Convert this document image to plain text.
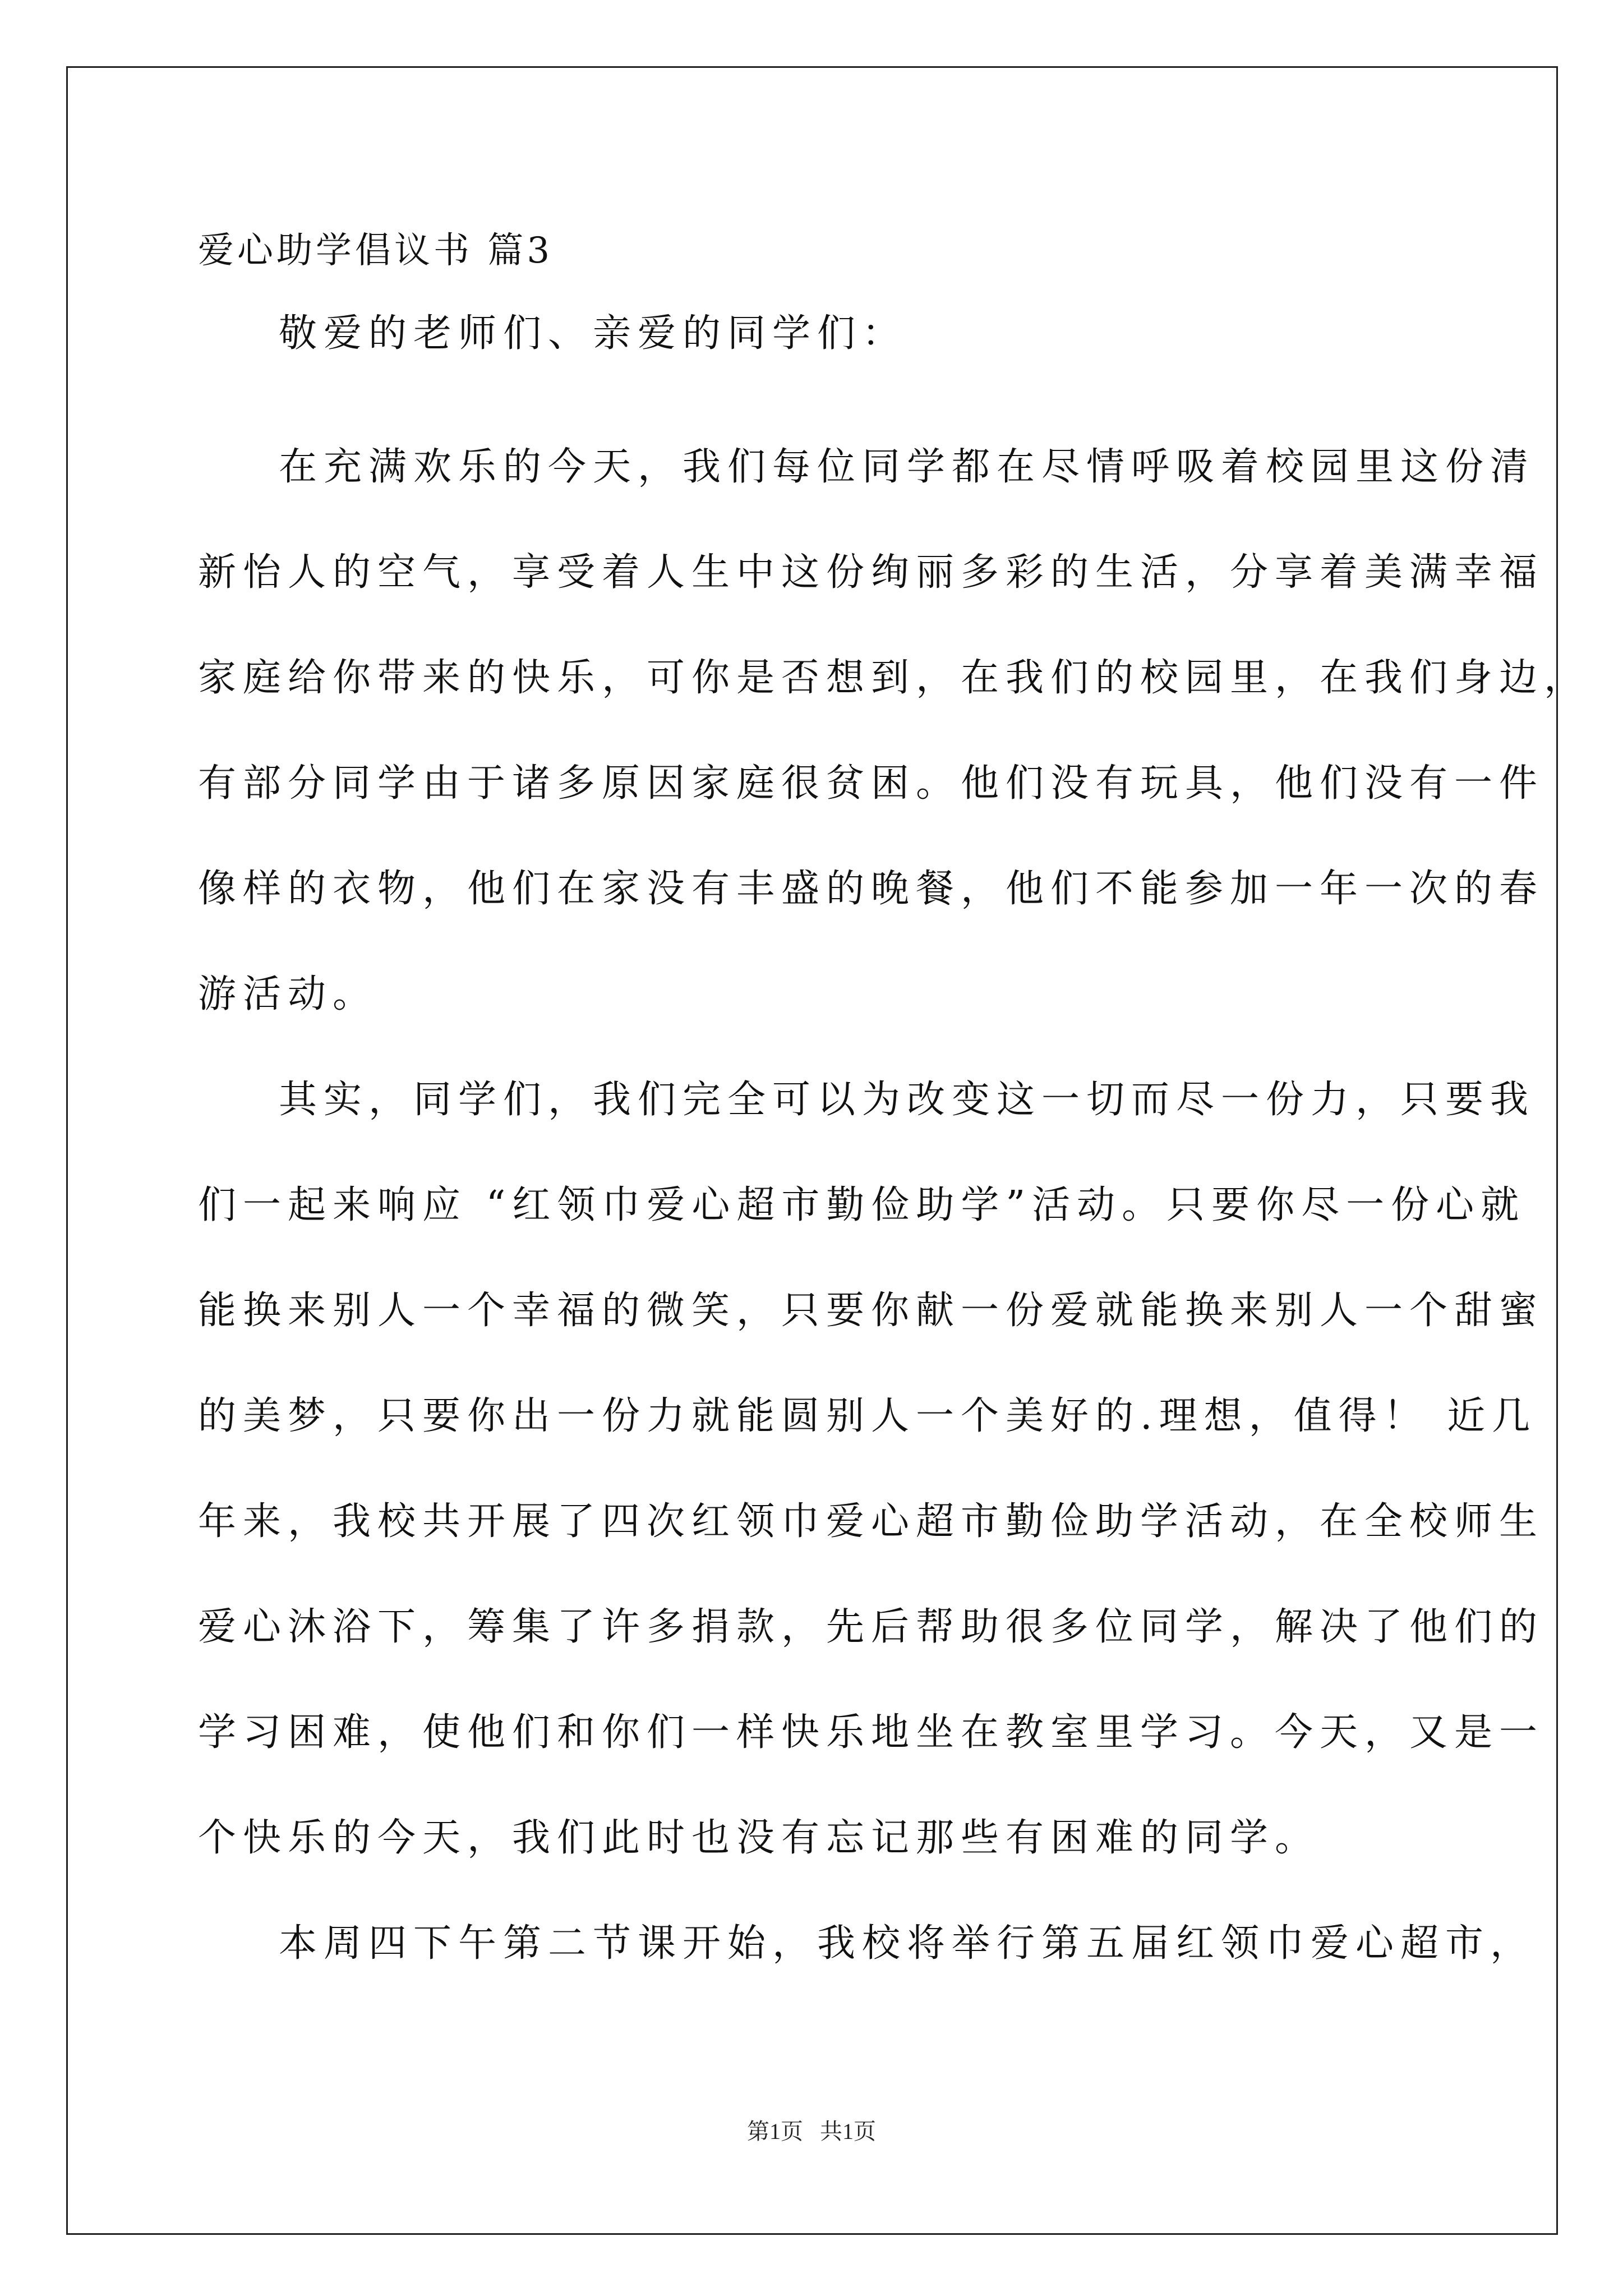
爱心助学倡议书 篇3
敬爱的老师们、亲爱的同学们：
在充满欢乐的今天，我们每位同学都在尽情呼吸着校园里这份清
新怡人的空气，享受着人生中这份绚丽多彩的生活，分享着美满幸福
家庭给你带来的快乐，可你是否想到，在我们的校园里，在我们身边，
有部分同学由于诸多原因家庭很贫困。他们没有玩具，他们没有一件
像样的衣物，他们在家没有丰盛的晚餐，他们不能参加一年一次的春
游活动。
其实，同学们，我们完全可以为改变这一切而尽一份力，只要我
们一起来响应 “红领巾爱心超市勤俭助学”活动。只要你尽一份心就
能换来别人一个幸福的微笑，只要你献一份爱就能换来别人一个甜蜜
的美梦，只要你出一份力就能圆别人一个美好的.理想，值得！ 近几
年来，我校共开展了四次红领巾爱心超市勤俭助学活动，在全校师生
爱心沐浴下，筹集了许多捐款，先后帮助很多位同学，解决了他们的
学习困难，使他们和你们一样快乐地坐在教室里学习。今天，又是一
个快乐的今天，我们此时也没有忘记那些有困难的同学。
本周四下午第二节课开始，我校将举行第五届红领巾爱心超市，
第1页   共1页
